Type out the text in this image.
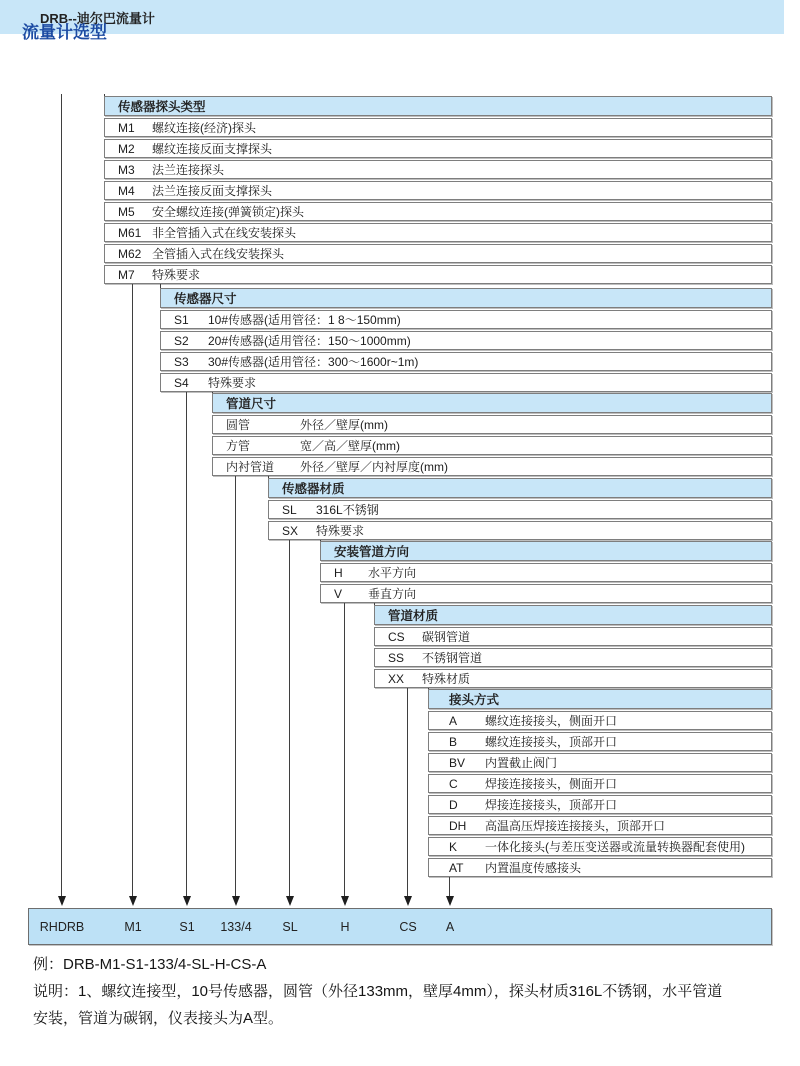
流量计选型
DRB--迪尔巴流量计
传感器探头类型
M1	螺纹连接(经济)探头
M2	螺纹连接反面支撑探头
M3	法兰连接探头
M4	法兰连接反面支撑探头
M5	安全螺纹连接(弹簧锁定)探头
M61 非全管插入式在线安装探头
M62 全管插入式在线安装探头
M7	特殊要求
传感器尺寸
S1	10#传感器(适用管径：1 8～150mm)
S2	20#传感器(适用管径：150～1000mm)
S3	30#传感器(适用管径：300～1600r~1m)
S4	特殊要求
管道尺寸
圆管	外径／壁厚(mm)
方管	宽／高／壁厚(mm)
内衬管道	外径／壁厚／内衬厚度(mm)
传感器材质
SL	316L不锈钢
SX	特殊要求
安装管道方向
H	水平方向
V	垂直方向
管道材质
CS	碳钢管道
SS	不锈钢管道
XX	特殊材质
接头方式
A	螺纹连接接头，侧面开口
B	螺纹连接接头，顶部开口
BV	内置截止阀门
C	焊接连接接头，侧面开口
D	焊接连接接头，顶部开口
DH	高温高压焊接连接接头，顶部开口
K	一体化接头(与差压变送器或流量转换器配套使用)
AT	内置温度传感接头
RHDRB	M1	S1 133/4 SL	H	CS A
例：DRB-M1-S1-133/4-SL-H-CS-A
说明：1、螺纹连接型，10号传感器，圆管（外径133mm，壁厚4mm），探头材质316L不锈钢，水平管道
安装，管道为碳钢，仪表接头为A型。
